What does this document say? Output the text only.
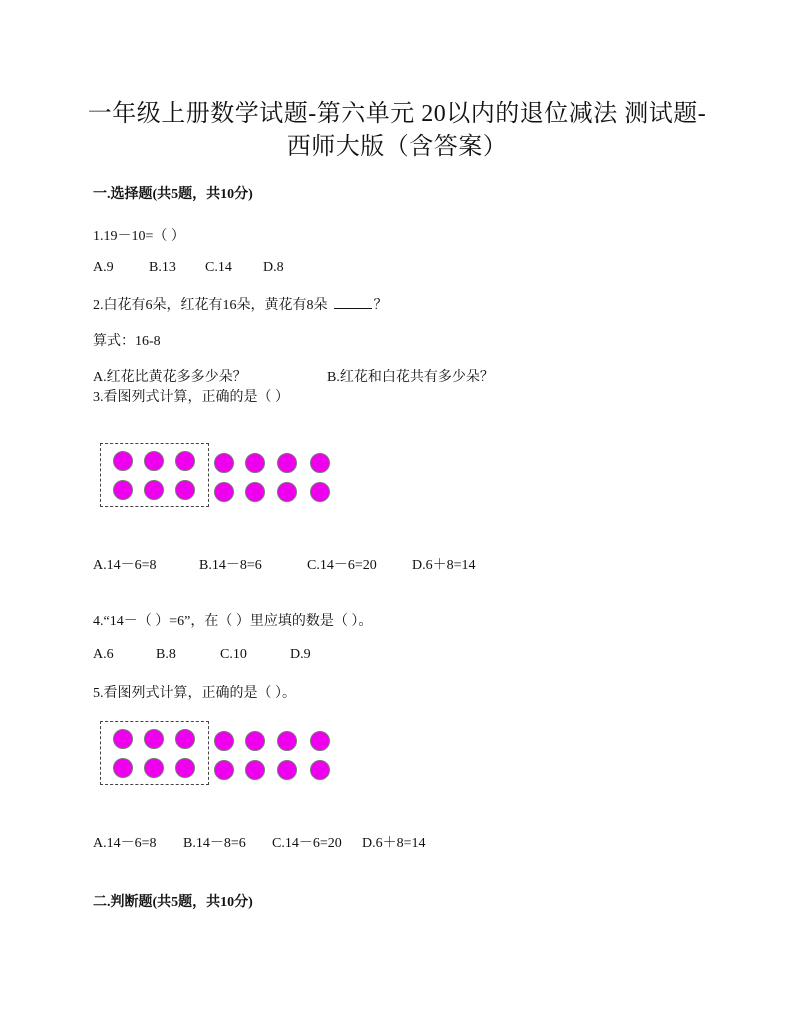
一年级上册数学试题-第六单元 20以内的退位减法 测试题-
西师大版（含答案）
一.选择题(共5题，共10分)
1.19－10=（ ）
A.9	B.13 C.14 D.8
2.白花有6朵，红花有16朵，黄花有8朵	？
算式：16-8
A.红花比黄花多多少朵？	B.红花和白花共有多少朵？
3.看图列式计算，正确的是（ ）
A.14－6=8	B.14－8=6	C.14－6=20	D.6＋8=14
4.“14－（ ）=6”，在（ ）里应填的数是（ ）。
A.6	B.8	C.10	D.9
5.看图列式计算，正确的是（ ）。
A.14－6=8 B.14－8=6 C.14－6=20 D.6＋8=14
二.判断题(共5题，共10分)
